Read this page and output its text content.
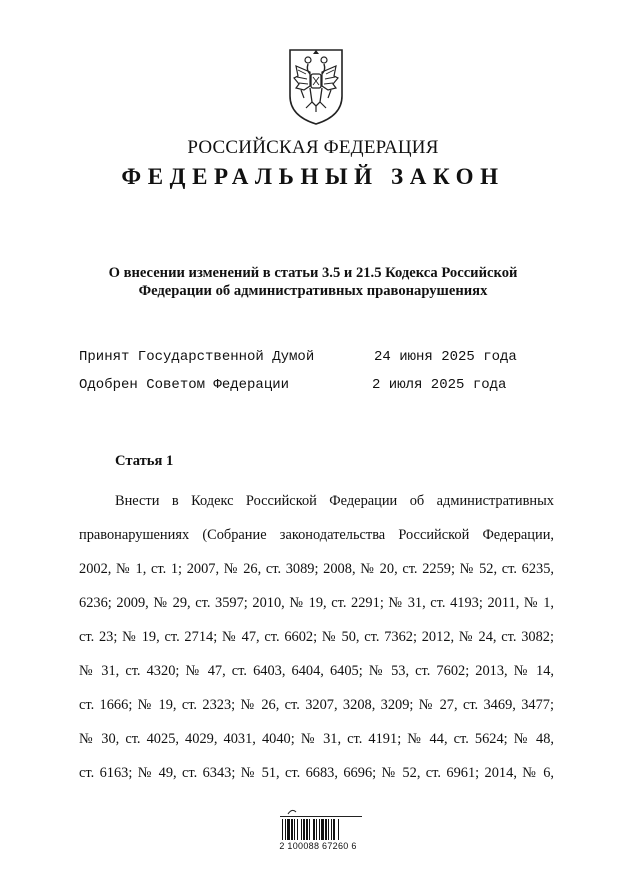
РОССИЙСКАЯ ФЕДЕРАЦИЯ
ФЕДЕРАЛЬНЫЙ ЗАКОН
О внесении изменений в статьи 3.5 и 21.5 Кодекса Российской
Федерации об административных правонарушениях
Принят Государственной Думой	24 июня 2025 года
Одобрен Советом Федерации	2 июля 2025 года
Статья 1
Внести в Кодекс Российской Федерации об административных
правонарушениях (Собрание законодательства Российской Федерации,
2002, № 1, ст. 1; 2007, № 26, ст. 3089; 2008, № 20, ст. 2259; № 52, ст. 6235,
6236; 2009, № 29, ст. 3597; 2010, № 19, ст. 2291; № 31, ст. 4193; 2011, № 1,
ст. 23; № 19, ст. 2714; № 47, ст. 6602; № 50, ст. 7362; 2012, № 24, ст. 3082;
№ 31, ст. 4320; № 47, ст. 6403, 6404, 6405; № 53, ст. 7602; 2013, № 14,
ст. 1666; № 19, ст. 2323; № 26, ст. 3207, 3208, 3209; № 27, ст. 3469, 3477;
№ 30, ст. 4025, 4029, 4031, 4040; № 31, ст. 4191; № 44, ст. 5624; № 48,
ст. 6163; № 49, ст. 6343; № 51, ст. 6683, 6696; № 52, ст. 6961; 2014, № 6,
2 100088 67260 6
